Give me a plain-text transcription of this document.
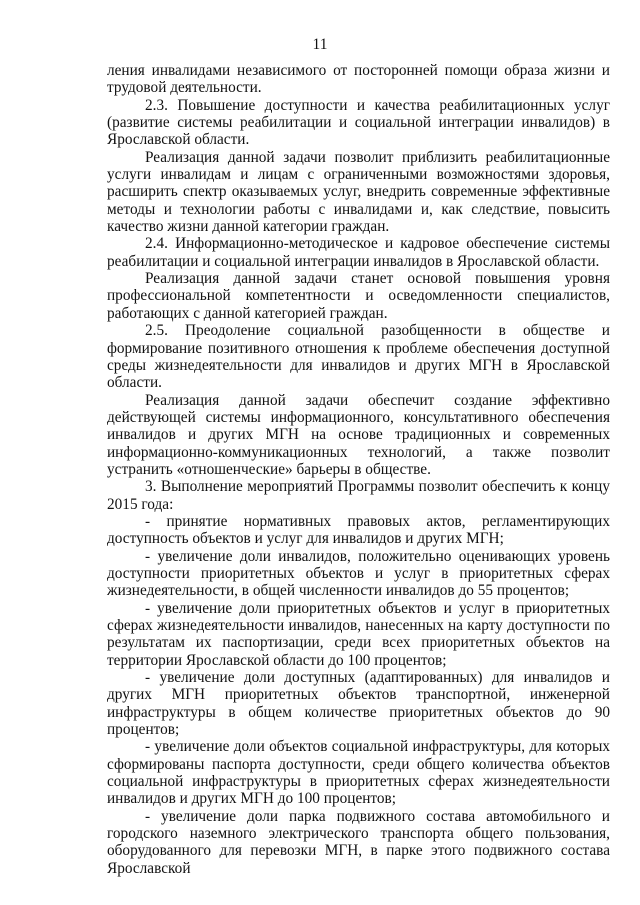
11

ления инвалидами независимого от посторонней помощи образа жизни и трудовой деятельности.

2.3. Повышение доступности и качества реабилитационных услуг (развитие системы реабилитации и социальной интеграции инвалидов) в Ярославской области.

Реализация данной задачи позволит приблизить реабилитационные услуги инвалидам и лицам с ограниченными возможностями здоровья, расширить спектр оказываемых услуг, внедрить современные эффективные методы и технологии работы с инвалидами и, как следствие, повысить качество жизни данной категории граждан.

2.4. Информационно-методическое и кадровое обеспечение системы реабилитации и социальной интеграции инвалидов в Ярославской области.

Реализация данной задачи станет основой повышения уровня профессиональной компетентности и осведомленности специалистов, работающих с данной категорией граждан.

2.5. Преодоление социальной разобщенности в обществе и формирование позитивного отношения к проблеме обеспечения доступной среды жизнедеятельности для инвалидов и других МГН в Ярославской области.

Реализация данной задачи обеспечит создание эффективно действующей системы информационного, консультативного обеспечения инвалидов и других МГН на основе традиционных и современных информационно-коммуникационных технологий, а также позволит устранить «отношенческие» барьеры в обществе.

3. Выполнение мероприятий Программы позволит обеспечить к концу 2015 года:

- принятие нормативных правовых актов, регламентирующих доступность объектов и услуг для инвалидов и других МГН;

- увеличение доли инвалидов, положительно оценивающих уровень доступности приоритетных объектов и услуг в приоритетных сферах жизнедеятельности, в общей численности инвалидов до 55 процентов;

- увеличение доли приоритетных объектов и услуг в приоритетных сферах жизнедеятельности инвалидов, нанесенных на карту доступности по результатам их паспортизации, среди всех приоритетных объектов на территории Ярославской области до 100 процентов;

- увеличение доли доступных (адаптированных) для инвалидов и других МГН приоритетных объектов транспортной, инженерной инфраструктуры в общем количестве приоритетных объектов до 90 процентов;

- увеличение доли объектов социальной инфраструктуры, для которых сформированы паспорта доступности, среди общего количества объектов социальной инфраструктуры в приоритетных сферах жизнедеятельности инвалидов и других МГН до 100 процентов;

- увеличение доли парка подвижного состава автомобильного и городского наземного электрического транспорта общего пользования, оборудованного для перевозки МГН, в парке этого подвижного состава Ярославской
